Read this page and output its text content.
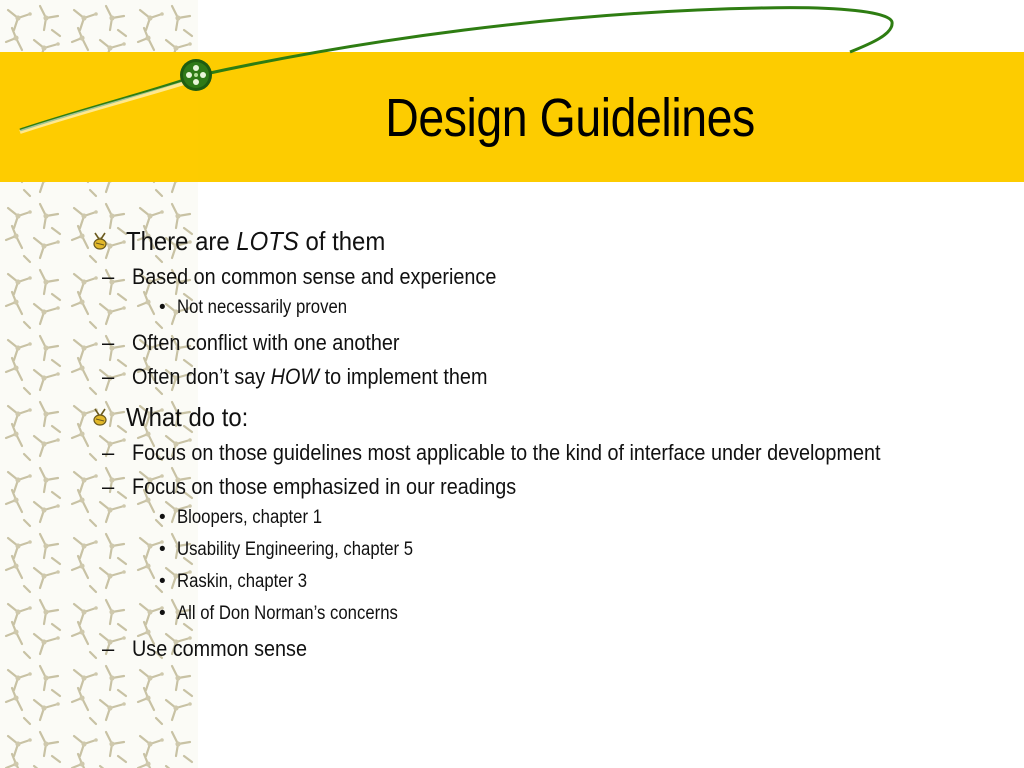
Design Guidelines
There are LOTS of them
– Based on common sense and experience
• Not necessarily proven
– Often conflict with one another
– Often don’t say HOW to implement them
What do to:
– Focus on those guidelines most applicable to the kind of interface under development
– Focus on those emphasized in our readings
• Bloopers, chapter 1
• Usability Engineering, chapter 5
• Raskin, chapter 3
• All of Don Norman’s concerns
– Use common sense
